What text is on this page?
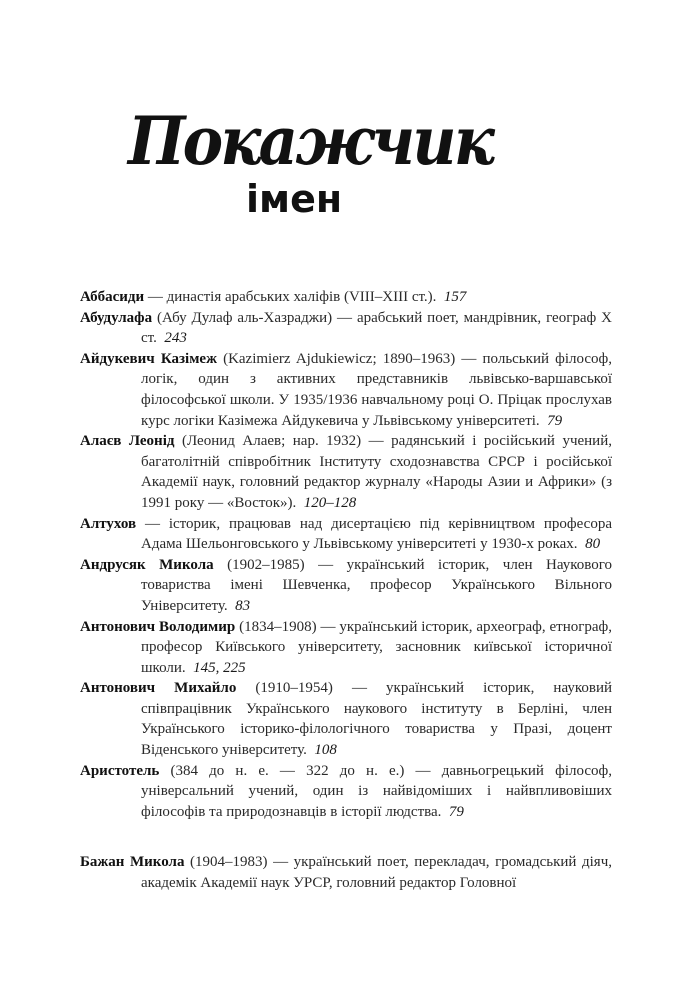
Покажчик
імен

Аббасиди — династія арабських халіфів (VIII–XIII ст.). 157

Абудулафа (Абу Дулаф аль-Хазраджи) — арабський поет, мандрівник, географ X ст. 243

Айдукевич Казімеж (Kazimierz Ajdukiewicz; 1890–1963) — польський філософ, логік, один з активних представників львівсько-варшавської філософської школи. У 1935/1936 навчальному році О. Пріцак прослухав курс логіки Казімежа Айдукевича у Львівському університеті. 79

Алаєв Леонід (Леонид Алаев; нар. 1932) — радянський і російський учений, багатолітній співробітник Інституту сходознавства СРСР і російської Академії наук, головний редактор журналу «Народы Азии и Африки» (з 1991 року — «Восток»). 120–128

Алтухов — історик, працював над дисертацією під керівництвом професора Адама Шельонговського у Львівському університеті у 1930-х роках. 80

Андрусяк Микола (1902–1985) — український історик, член Наукового товариства імені Шевченка, професор Українського Вільного Університету. 83

Антонович Володимир (1834–1908) — український історик, археограф, етнограф, професор Київського університету, засновник київської історичної школи. 145, 225

Антонович Михайло (1910–1954) — український історик, науковий співпрацівник Українського наукового інституту в Берліні, член Українського історико-філологічного товариства у Празі, доцент Віденського університету. 108

Аристотель (384 до н. е. — 322 до н. е.) — давньогрецький філософ, універсальний учений, один із найвідоміших і найвпливовіших філософів та природознавців в історії людства. 79

Бажан Микола (1904–1983) — український поет, перекладач, громадський діяч, академік Академії наук УРСР, головний редактор Головної
